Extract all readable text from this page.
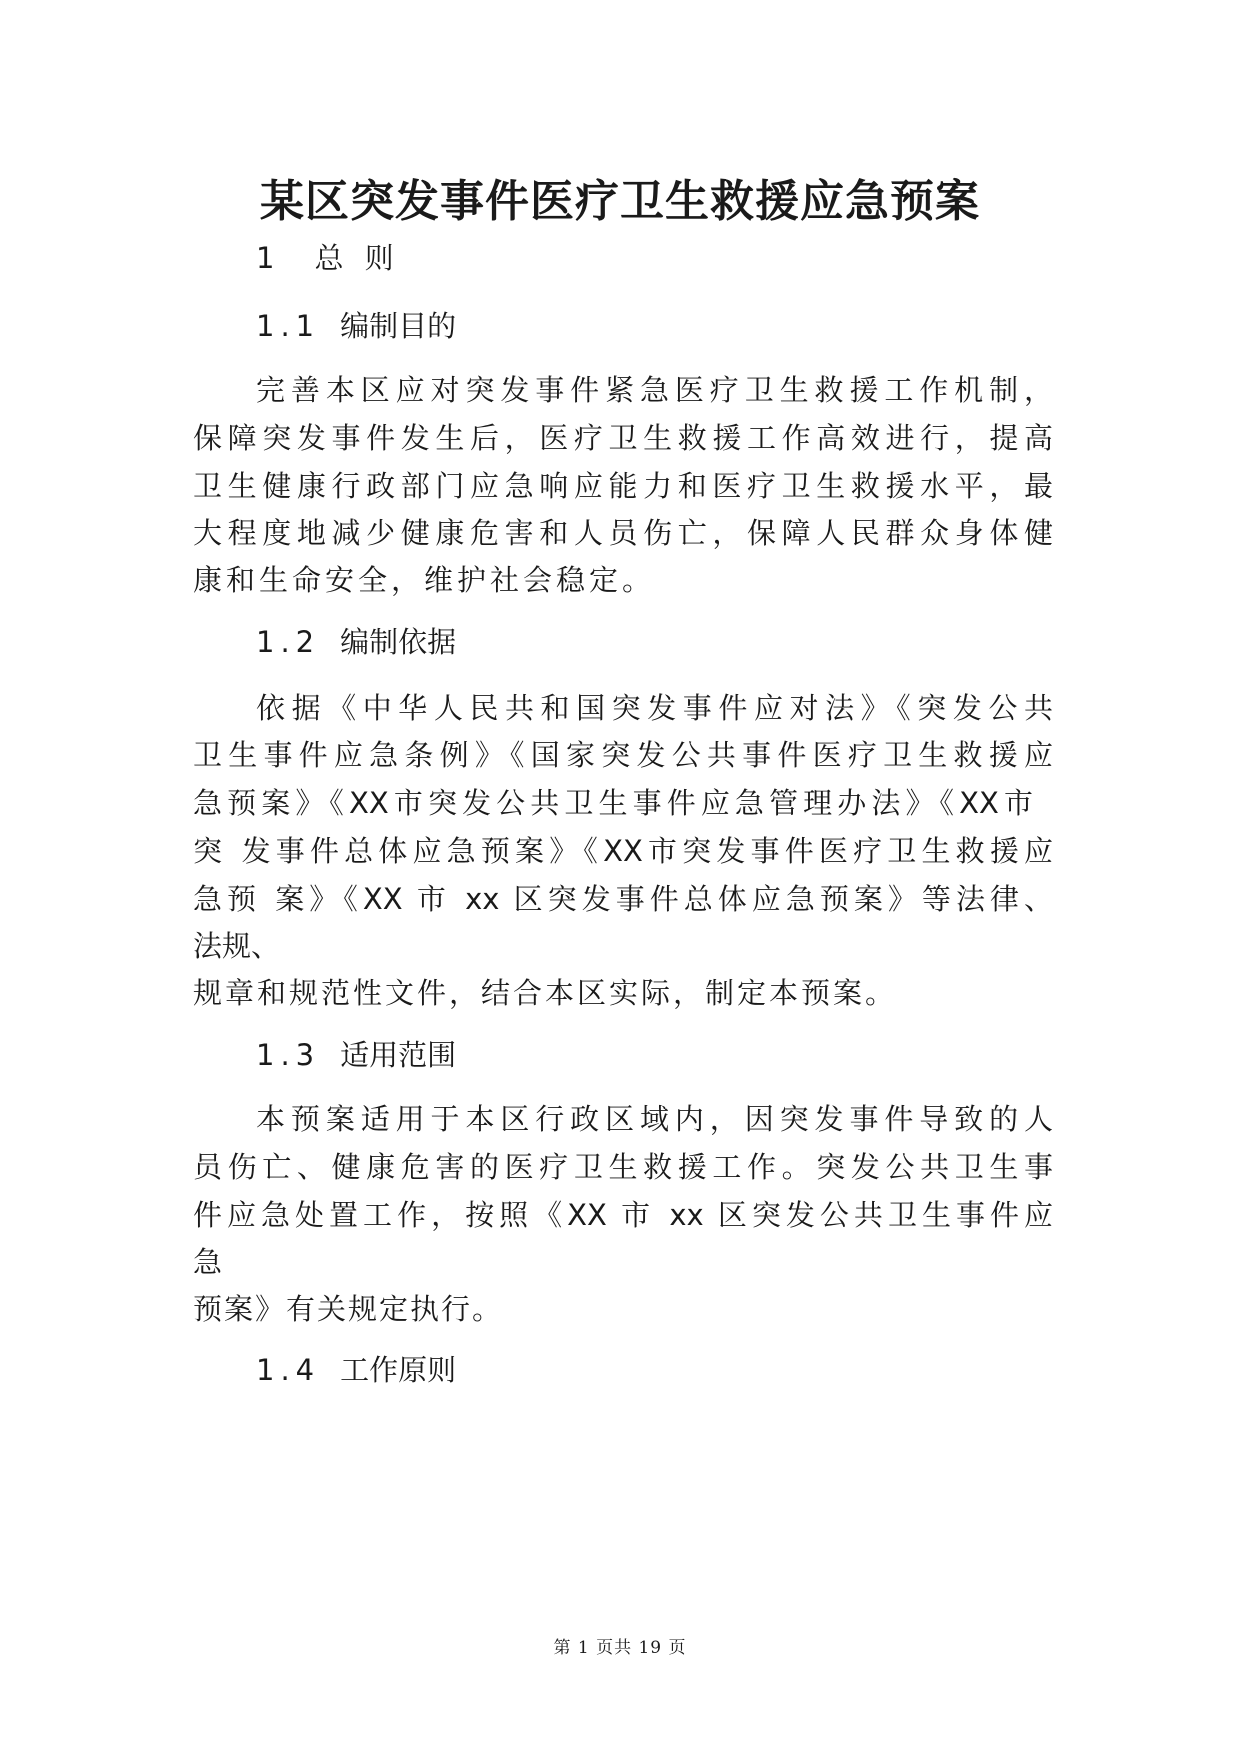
某区突发事件医疗卫生救援应急预案
1 总 则
1.1 编制目的
完善本区应对突发事件紧急医疗卫生救援工作机制，
保障突发事件发生后，医疗卫生救援工作高效进行，提高
卫生健康行政部门应急响应能力和医疗卫生救援水平，最
大程度地减少健康危害和人员伤亡，保障人民群众身体健
康和生命安全，维护社会稳定。
1.2 编制依据
依据《中华人民共和国突发事件应对法》《突发公共
卫生事件应急条例》《国家突发公共事件医疗卫生救援应
急预案》《XX市突发公共卫生事件应急管理办法》《XX市
突 发事件总体应急预案》《XX市突发事件医疗卫生救援应
急预 案》《XX 市 xx 区突发事件总体应急预案》等法律、
法规、
规章和规范性文件，结合本区实际，制定本预案。
1.3 适用范围
本预案适用于本区行政区域内，因突发事件导致的人
员伤亡、健康危害的医疗卫生救援工作。突发公共卫生事
件应急处置工作，按照《XX 市 xx 区突发公共卫生事件应
急
预案》有关规定执行。
1.4 工作原则
第 1 页共 19 页
